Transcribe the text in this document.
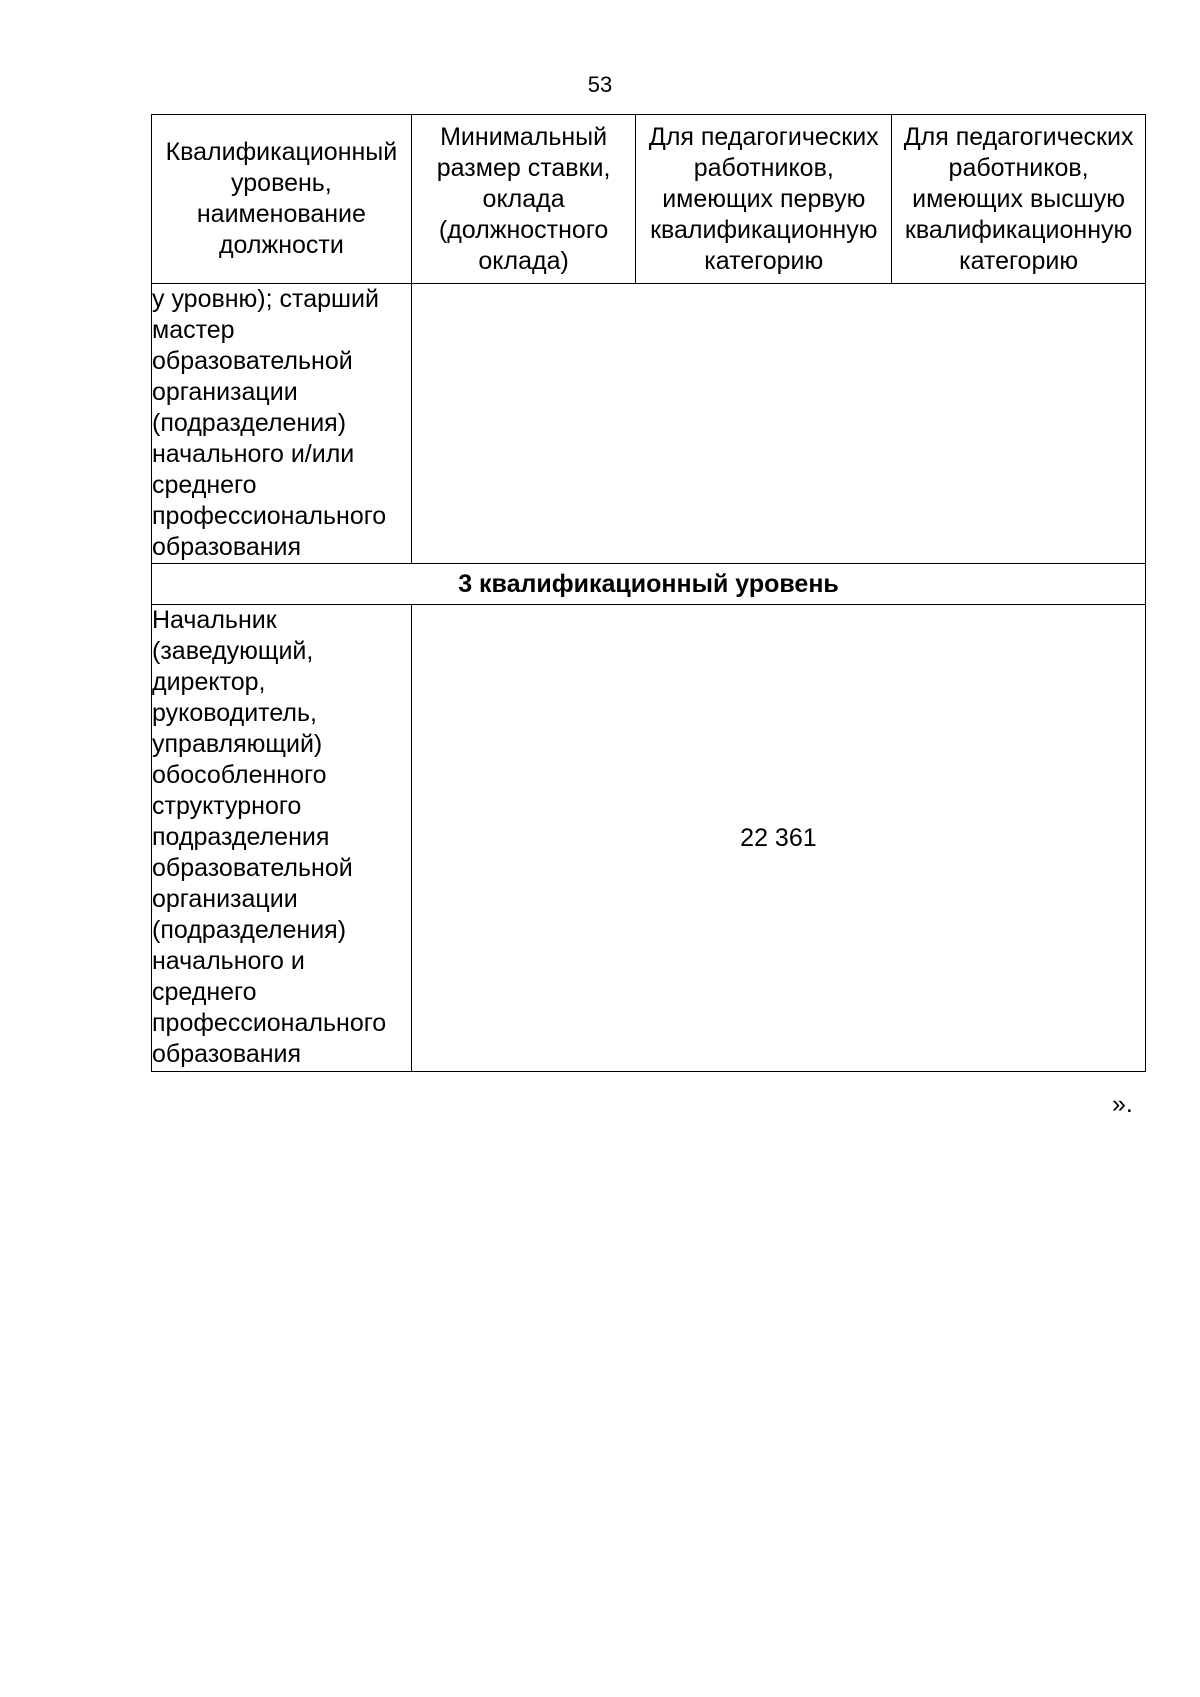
53
Квалификационный уровень, наименование должности	Минимальный размер ставки, оклада (должностного оклада)	Для педагогических работников, имеющих первую квалификационную категорию	Для педагогических работников, имеющих высшую квалификационную категорию
у уровню); старший мастер образовательной организации (подразделения) начального и/или среднего профессионального образования			
3 квалификационный уровень			
Начальник (заведующий, директор, руководитель, управляющий) обособленного структурного подразделения образовательной организации (подразделения) начального и среднего профессионального образования	22 361		
».
